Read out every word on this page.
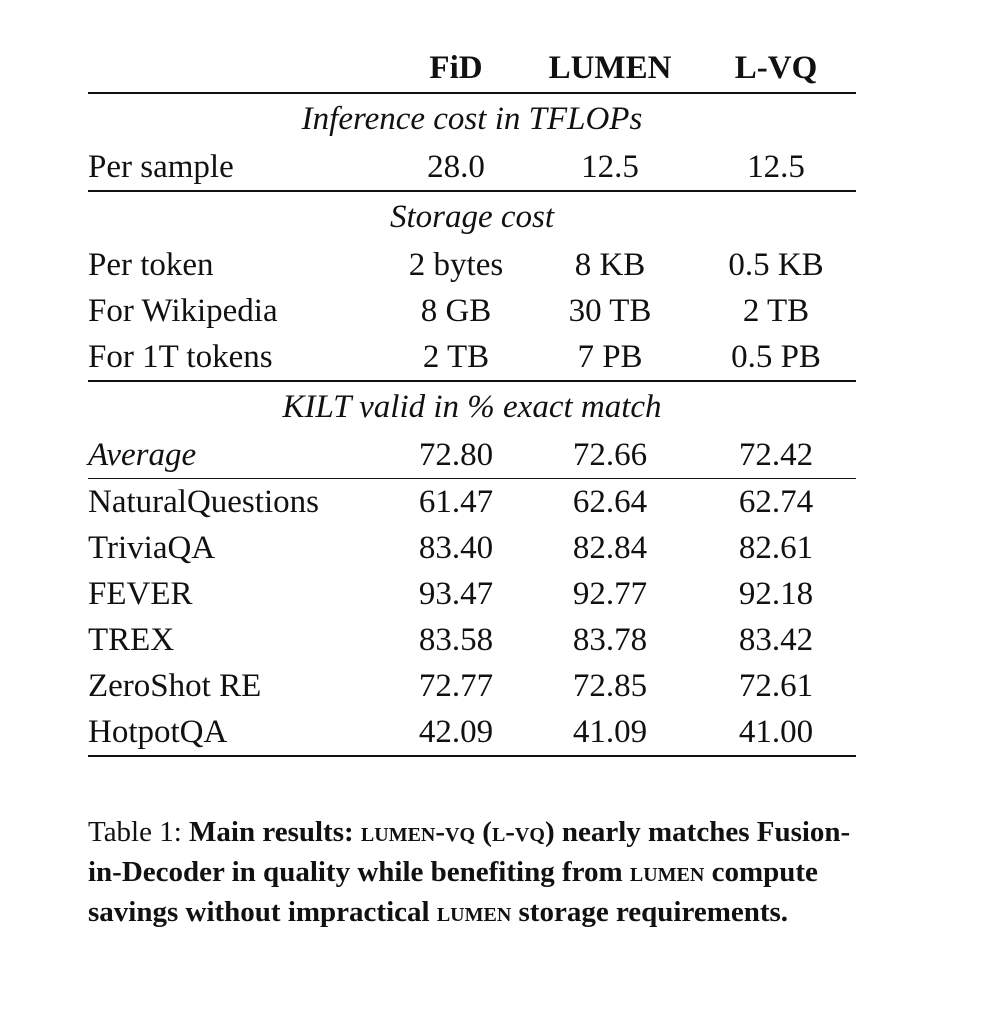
	FiD	LUMEN	L-VQ
Inference cost in TFLOPs			
Per sample	28.0	12.5	12.5
Storage cost			
Per token	2 bytes	8 KB	0.5 KB
For Wikipedia	8 GB	30 TB	2 TB
For 1T tokens	2 TB	7 PB	0.5 PB
KILT valid in % exact match			
Average	72.80	72.66	72.42
NaturalQuestions	61.47	62.64	62.74
TriviaQA	83.40	82.84	82.61
FEVER	93.47	92.77	92.18
TREX	83.58	83.78	83.42
ZeroShot RE	72.77	72.85	72.61
HotpotQA	42.09	41.09	41.00
Table 1: Main results: lumen-vq (l-vq) nearly matches Fusion-in-Decoder in quality while benefiting from lumen compute savings without impractical lumen storage requirements.
